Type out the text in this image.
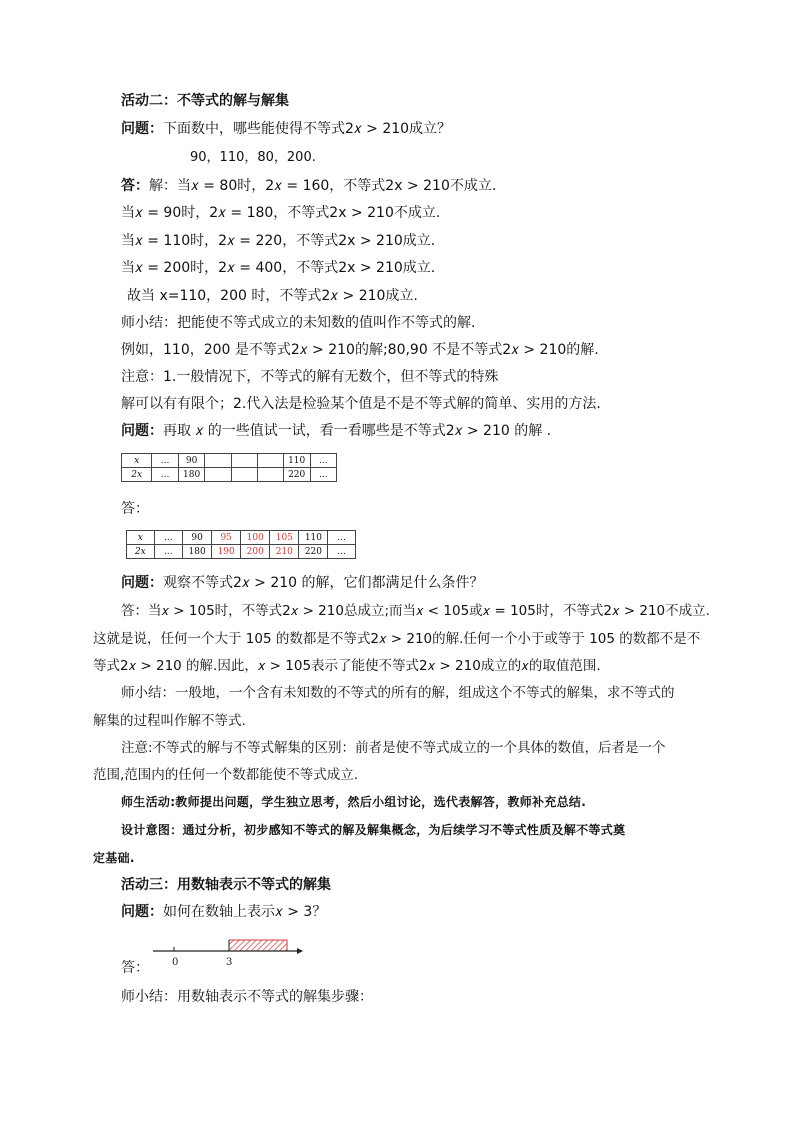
活动二：不等式的解与解集
问题：下面数中，哪些能使得不等式2𝑥 > 210成立？
90，110，80，200.
答：解：当𝑥 = 80时，2𝑥 = 160，不等式2x > 210不成立.
当𝑥 = 90时，2𝑥 = 180，不等式2x > 210不成立.
当𝑥 = 110时，2𝑥 = 220，不等式2x > 210成立.
当𝑥 = 200时，2𝑥 = 400，不等式2x > 210成立.
故当 x=110，200 时，不等式2𝑥 > 210成立.
师小结：把能使不等式成立的未知数的值叫作不等式的解.
例如，110，200 是不等式2𝑥 > 210的解;80,90 不是不等式2𝑥 > 210的解.
注意：1.一般情况下，不等式的解有无数个，但不等式的特殊
解可以有有限个；2.代入法是检验某个值是不是不等式解的简单、实用的方法.
问题：再取 𝑥 的一些值试一试，看一看哪些是不等式2𝑥 > 210 的解 .
x	...	90				110	...
2x	...	180				220	...
答：
x	...	90	95	100	105	110	...
2x	...	180	190	200	210	220	...
问题：观察不等式2𝑥 > 210 的解，它们都满足什么条件？
答：当𝑥 > 105时，不等式2𝑥 > 210总成立;而当𝑥 < 105或𝑥 = 105时，不等式2𝑥 > 210不成立.
这就是说，任何一个大于 105 的数都是不等式2𝑥 > 210的解.任何一个小于或等于 105 的数都不是不
等式2𝑥 > 210 的解.因此，𝑥 > 105表示了能使不等式2𝑥 > 210成立的𝑥的取值范围.
师小结：一般地，一个含有未知数的不等式的所有的解，组成这个不等式的解集，求不等式的
解集的过程叫作解不等式.
注意:不等式的解与不等式解集的区别：前者是使不等式成立的一个具体的数值，后者是一个
范围,范围内的任何一个数都能使不等式成立.
师生活动:教师提出问题，学生独立思考，然后小组讨论，选代表解答，教师补充总结.
设计意图：通过分析，初步感知不等式的解及解集概念，为后续学习不等式性质及解不等式奠
定基础.
活动三：用数轴表示不等式的解集
问题：如何在数轴上表示𝑥 > 3？
答： 0	3
师小结：用数轴表示不等式的解集步骤：
